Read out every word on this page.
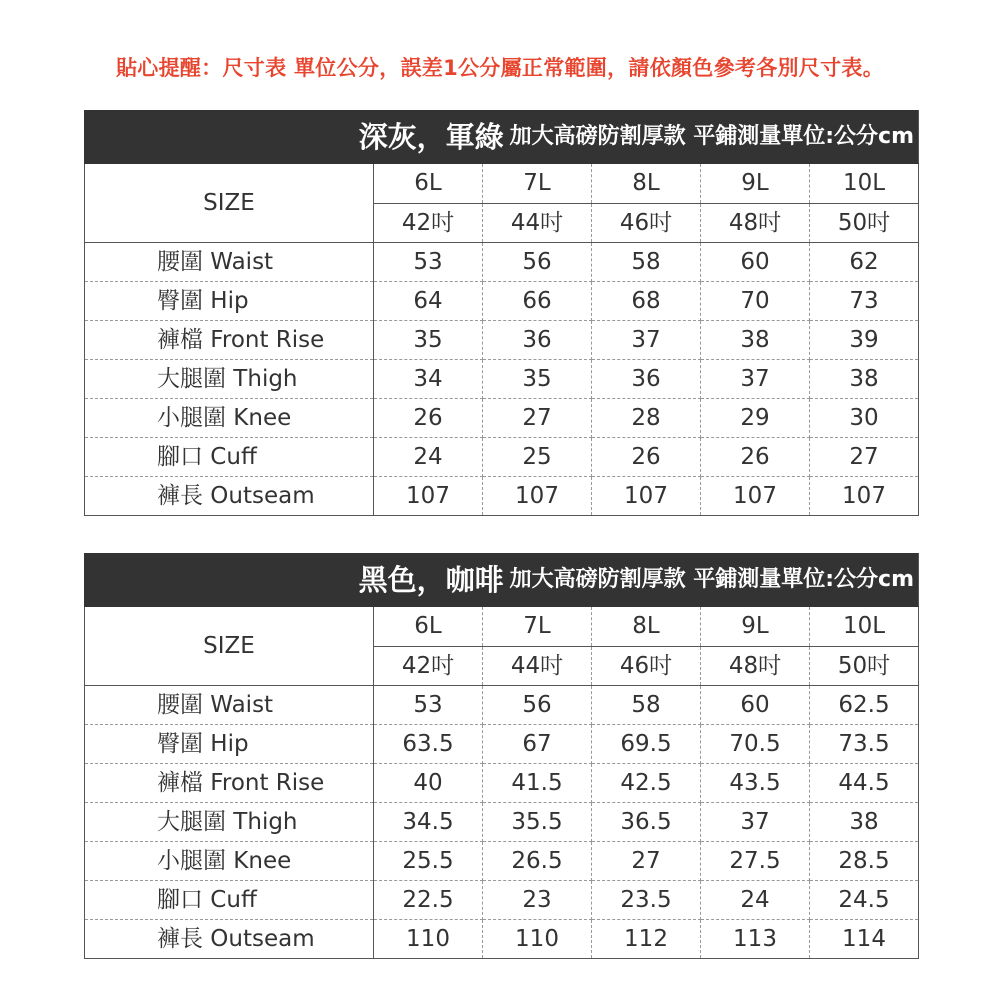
貼心提醒：尺寸表 單位公分，誤差1公分屬正常範圍，請依顏色參考各別尺寸表。
深灰，軍綠 加大高磅防割厚款 平鋪測量單位:公分cm					
SIZE	6L	7L	8L	9L	10L
	42吋	44吋	46吋	48吋	50吋
腰圍 Waist	53	56	58	60	62
臀圍 Hip	64	66	68	70	73
褲檔 Front Rise	35	36	37	38	39
大腿圍 Thigh	34	35	36	37	38
小腿圍 Knee	26	27	28	29	30
腳口 Cuff	24	25	26	26	27
褲長 Outseam	107	107	107	107	107
黑色，咖啡 加大高磅防割厚款 平鋪測量單位:公分cm					
SIZE	6L	7L	8L	9L	10L
	42吋	44吋	46吋	48吋	50吋
腰圍 Waist	53	56	58	60	62.5
臀圍 Hip	63.5	67	69.5	70.5	73.5
褲檔 Front Rise	40	41.5	42.5	43.5	44.5
大腿圍 Thigh	34.5	35.5	36.5	37	38
小腿圍 Knee	25.5	26.5	27	27.5	28.5
腳口 Cuff	22.5	23	23.5	24	24.5
褲長 Outseam	110	110	112	113	114
